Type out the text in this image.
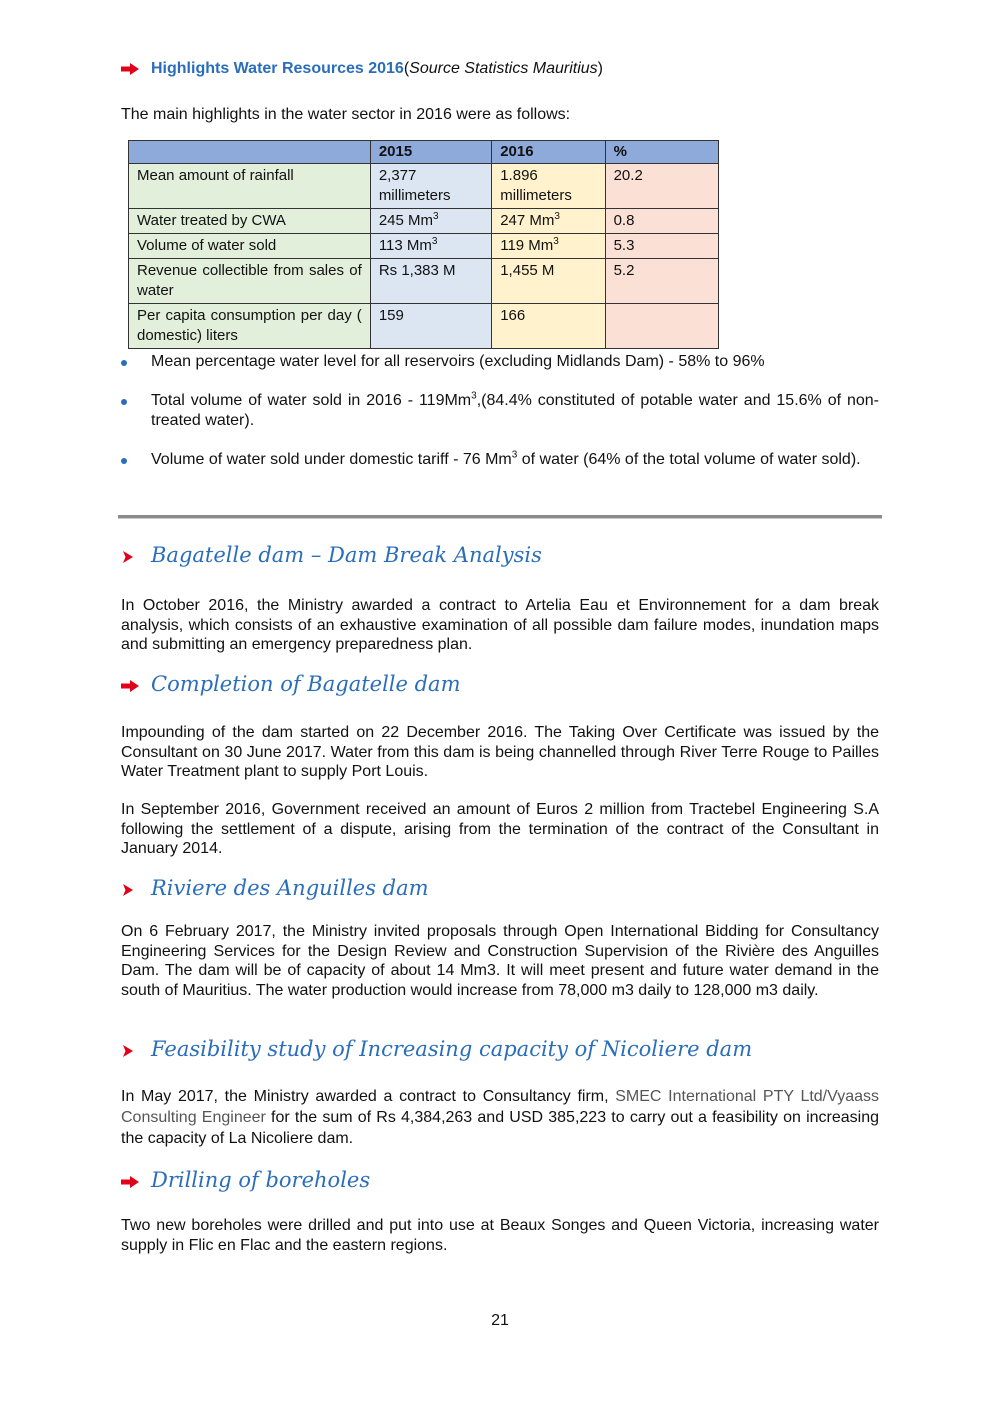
Highlights Water Resources 2016(Source Statistics Mauritius)
The main highlights in the water sector in 2016 were as follows:
	2015	2016	%
Mean amount of rainfall	2,377 millimeters	1.896 millimeters	20.2
Water treated by CWA	245 Mm$^3$	247 Mm$^3$	0.8
Volume of water sold	113 Mm$^3$	119 Mm$^3$	5.3
Revenue collectible from sales of water	Rs 1,383 M	1,455 M	5.2
Per capita consumption per day ( domestic) liters	159	166	
Mean percentage water level for all reservoirs (excluding Midlands Dam) - 58% to 96%
Total volume of water sold in 2016 - 119Mm$^3$,(84.4% constituted of potable water and 15.6% of non-treated water).
Volume of water sold under domestic tariff - 76 Mm$^3$ of water (64% of the total volume of water sold).
Bagatelle dam – Dam Break Analysis
In October 2016, the Ministry awarded a contract to Artelia Eau et Environnement for a dam break analysis, which consists of an exhaustive examination of all possible dam failure modes, inundation maps and submitting an emergency preparedness plan.
Completion of Bagatelle dam
Impounding of the dam started on 22 December 2016. The Taking Over Certificate was issued by the Consultant on 30 June 2017. Water from this dam is being channelled through River Terre Rouge to Pailles Water Treatment plant to supply Port Louis.
In September 2016, Government received an amount of Euros 2 million from Tractebel Engineering S.A following the settlement of a dispute, arising from the termination of the contract of the Consultant in January 2014.
Riviere des Anguilles dam
On 6 February 2017, the Ministry invited proposals through Open International Bidding for Consultancy Engineering Services for the Design Review and Construction Supervision of the Rivière des Anguilles Dam. The dam will be of capacity of about 14 Mm3. It will meet present and future water demand in the south of Mauritius. The water production would increase from 78,000 m3 daily to 128,000 m3 daily.
Feasibility study of Increasing capacity of Nicoliere dam
In May 2017, the Ministry awarded a contract to Consultancy firm, SMEC International PTY Ltd/Vyaass Consulting Engineer for the sum of Rs 4,384,263 and USD 385,223 to carry out a feasibility on increasing the capacity of La Nicoliere dam.
Drilling of boreholes
Two new boreholes were drilled and put into use at Beaux Songes and Queen Victoria, increasing water supply in Flic en Flac and the eastern regions.
21
